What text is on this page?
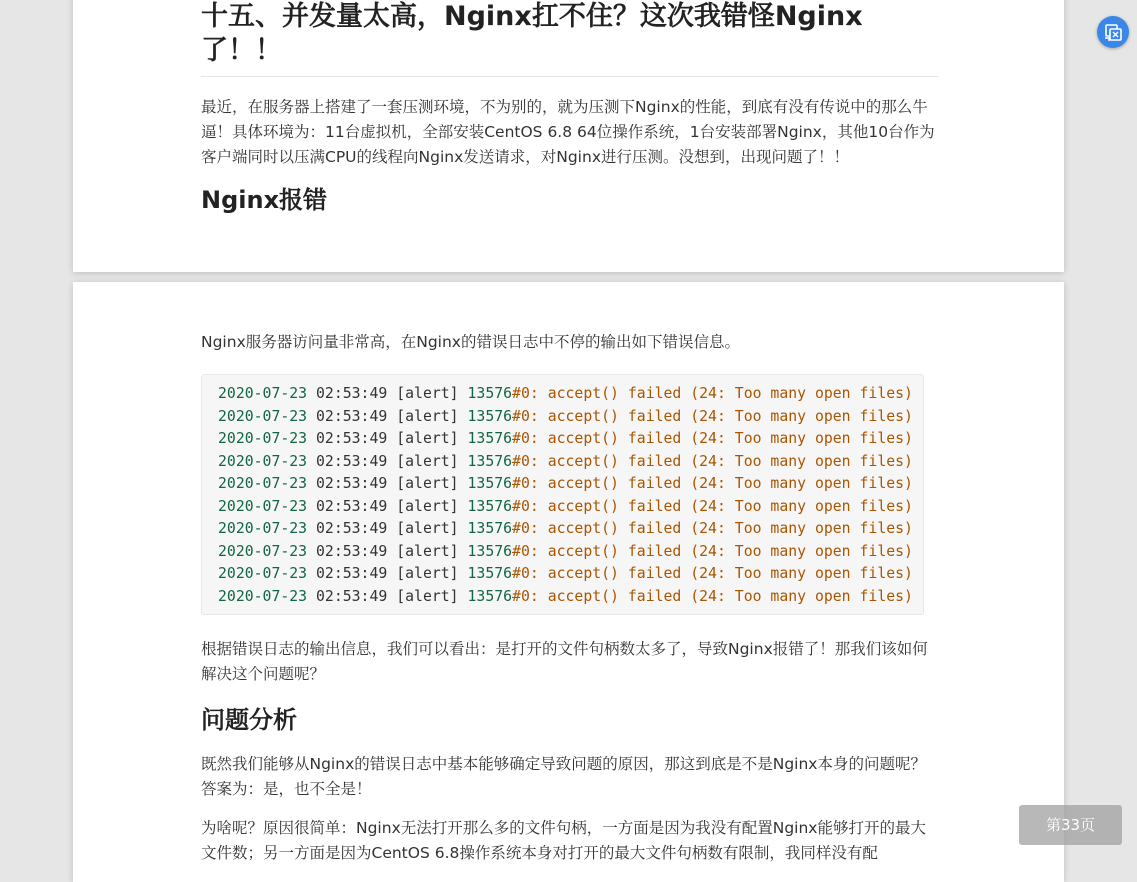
十五、并发量太高，Nginx扛不住？这次我错怪Nginx了！！

最近，在服务器上搭建了一套压测环境，不为别的，就为压测下Nginx的性能，到底有没有传说中的那么牛逼！具体环境为：11台虚拟机，全部安装CentOS 6.8 64位操作系统，1台安装部署Nginx，其他10台作为客户端同时以压满CPU的线程向Nginx发送请求，对Nginx进行压测。没想到，出现问题了！！

Nginx报错

Nginx服务器访问量非常高，在Nginx的错误日志中不停的输出如下错误信息。

2020-07-23 02:53:49 [alert] 13576#0: accept() failed (24: Too many open files)
2020-07-23 02:53:49 [alert] 13576#0: accept() failed (24: Too many open files)
2020-07-23 02:53:49 [alert] 13576#0: accept() failed (24: Too many open files)
2020-07-23 02:53:49 [alert] 13576#0: accept() failed (24: Too many open files)
2020-07-23 02:53:49 [alert] 13576#0: accept() failed (24: Too many open files)
2020-07-23 02:53:49 [alert] 13576#0: accept() failed (24: Too many open files)
2020-07-23 02:53:49 [alert] 13576#0: accept() failed (24: Too many open files)
2020-07-23 02:53:49 [alert] 13576#0: accept() failed (24: Too many open files)
2020-07-23 02:53:49 [alert] 13576#0: accept() failed (24: Too many open files)
2020-07-23 02:53:49 [alert] 13576#0: accept() failed (24: Too many open files)

根据错误日志的输出信息，我们可以看出：是打开的文件句柄数太多了，导致Nginx报错了！那我们该如何解决这个问题呢？

问题分析

既然我们能够从Nginx的错误日志中基本能够确定导致问题的原因，那这到底是不是Nginx本身的问题呢？答案为：是，也不全是！

为啥呢？原因很简单：Nginx无法打开那么多的文件句柄，一方面是因为我没有配置Nginx能够打开的最大文件数；另一方面是因为CentOS 6.8操作系统本身对打开的最大文件句柄数有限制，我同样没有配

第33页
